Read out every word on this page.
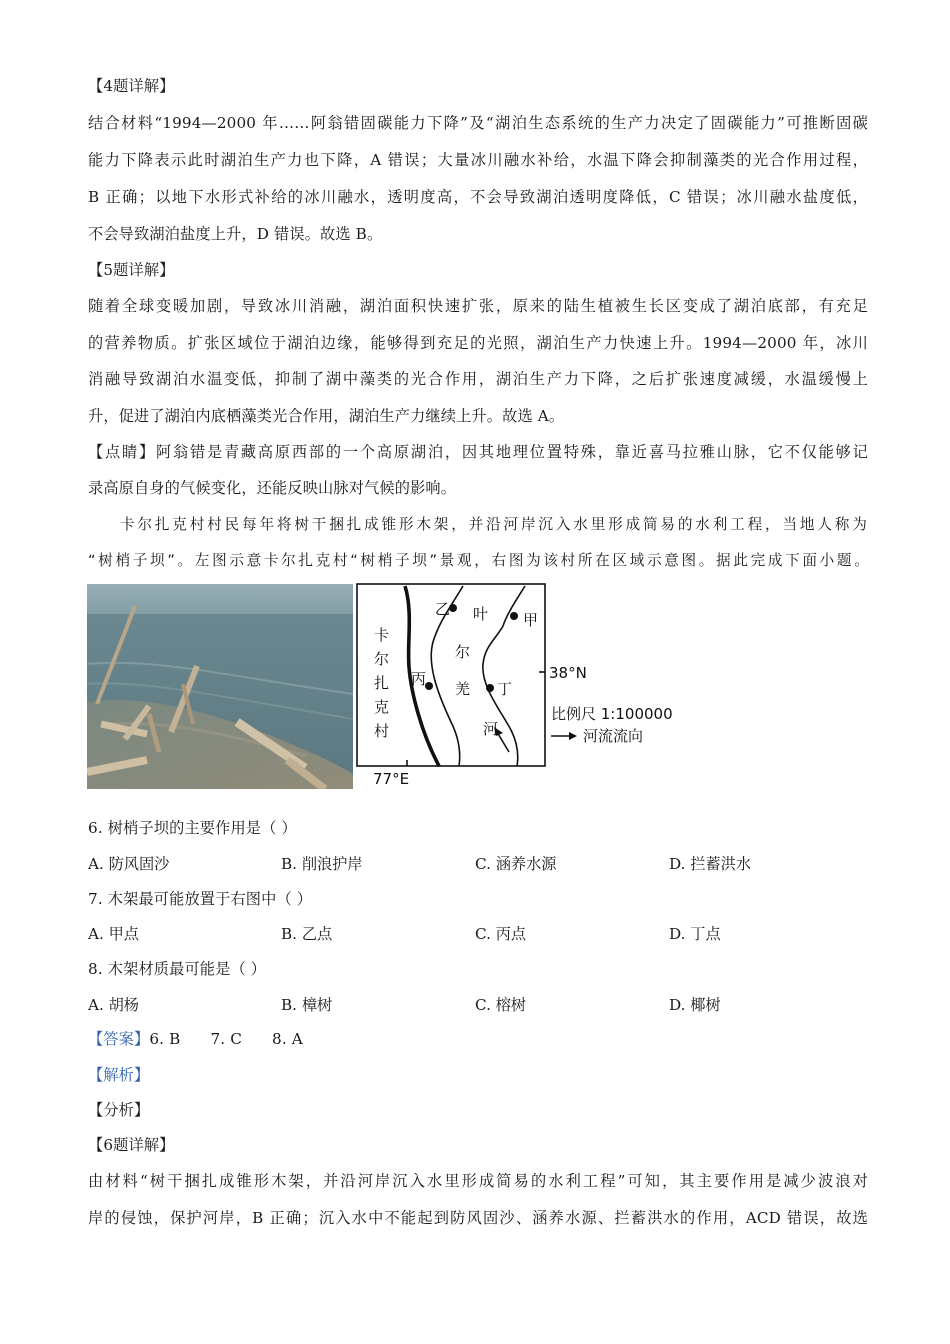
【4题详解】
结合材料“1994—2000 年……阿翁错固碳能力下降”及“湖泊生态系统的生产力决定了固碳能力”可推断固碳
能力下降表示此时湖泊生产力也下降，A 错误；大量冰川融水补给，水温下降会抑制藻类的光合作用过程，
B 正确；以地下水形式补给的冰川融水，透明度高，不会导致湖泊透明度降低，C 错误；冰川融水盐度低，
不会导致湖泊盐度上升，D 错误。故选 B。
【5题详解】
随着全球变暖加剧，导致冰川消融，湖泊面积快速扩张，原来的陆生植被生长区变成了湖泊底部，有充足
的营养物质。扩张区域位于湖泊边缘，能够得到充足的光照，湖泊生产力快速上升。1994—2000 年，冰川
消融导致湖泊水温变低，抑制了湖中藻类的光合作用，湖泊生产力下降，之后扩张速度减缓，水温缓慢上
升，促进了湖泊内底栖藻类光合作用，湖泊生产力继续上升。故选 A。
【点睛】阿翁错是青藏高原西部的一个高原湖泊，因其地理位置特殊，靠近喜马拉雅山脉，它不仅能够记
录高原自身的气候变化，还能反映山脉对气候的影响。
卡尔扎克村村民每年将树干捆扎成锥形木架，并沿河岸沉入水里形成简易的水利工程，当地人称为
“树梢子坝”。左图示意卡尔扎克村“树梢子坝”景观，右图为该村所在区域示意图。据此完成下面小题。
卡
尔
扎
克
村
叶
尔
羌
河
乙
甲
丙
丁
38°N
77°E
比例尺 1:100000
河流流向
6. 树梢子坝的主要作用是（ ）
A. 防风固沙	B. 削浪护岸	C. 涵养水源	D. 拦蓄洪水
7. 木架最可能放置于右图中（ ）
A. 甲点	B. 乙点	C. 丙点	D. 丁点
8. 木架材质最可能是（ ）
A. 胡杨	B. 樟树	C. 榕树	D. 椰树
【答案】6. B 7. C 8. A
【解析】
【分析】
【6题详解】
由材料“树干捆扎成锥形木架，并沿河岸沉入水里形成简易的水利工程”可知，其主要作用是减少波浪对
岸的侵蚀，保护河岸，B 正确；沉入水中不能起到防风固沙、涵养水源、拦蓄洪水的作用，ACD 错误，故选
